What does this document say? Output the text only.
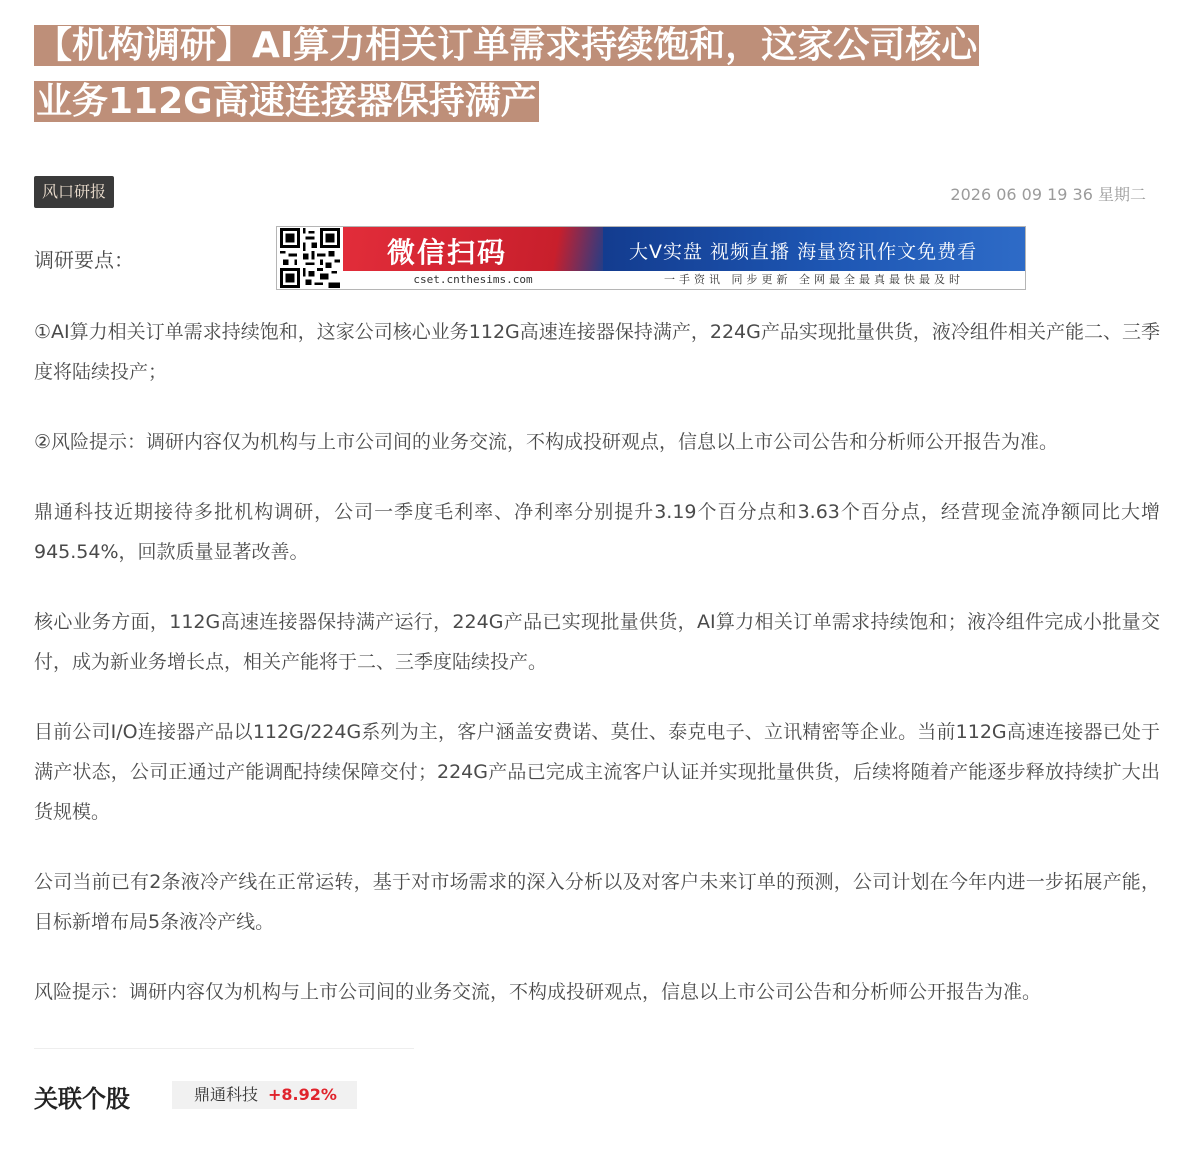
【机构调研】AI算力相关订单需求持续饱和，这家公司核心
业务112G高速连接器保持满产
风口研报	2026 06 09 19 36 星期二
调研要点：	微信扫码
cset.cnthesims.com
大V实盘 视频直播 海量资讯作文免费看
一手资讯 同步更新 全网最全最真最快最及时

①AI算力相关订单需求持续饱和，这家公司核心业务112G高速连接器保持满产，224G产品实现批量供货，液冷组件相关产能二、三季度将陆续投产；

②风险提示：调研内容仅为机构与上市公司间的业务交流，不构成投研观点，信息以上市公司公告和分析师公开报告为准。

鼎通科技近期接待多批机构调研，公司一季度毛利率、净利率分别提升3.19个百分点和3.63个百分点，经营现金流净额同比大增945.54%，回款质量显著改善。

核心业务方面，112G高速连接器保持满产运行，224G产品已实现批量供货，AI算力相关订单需求持续饱和；液冷组件完成小批量交付，成为新业务增长点，相关产能将于二、三季度陆续投产。

目前公司I/O连接器产品以112G/224G系列为主，客户涵盖安费诺、莫仕、泰克电子、立讯精密等企业。当前112G高速连接器已处于满产状态，公司正通过产能调配持续保障交付；224G产品已完成主流客户认证并实现批量供货，后续将随着产能逐步释放持续扩大出货规模。

公司当前已有2条液冷产线在正常运转，基于对市场需求的深入分析以及对客户未来订单的预测，公司计划在今年内进一步拓展产能，目标新增布局5条液冷产线。

风险提示：调研内容仅为机构与上市公司间的业务交流，不构成投研观点，信息以上市公司公告和分析师公开报告为准。

关联个股	鼎通科技 +8.92%
